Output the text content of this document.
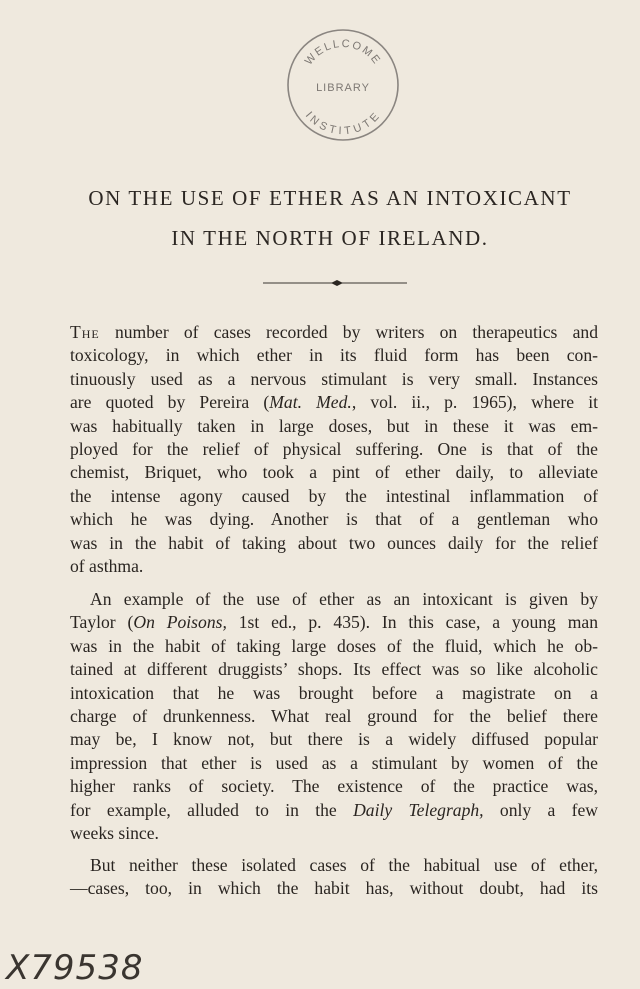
WELLCOME
LIBRARY
INSTITUTE
ON THE USE OF ETHER AS AN INTOXICANT
IN THE NORTH OF IRELAND.
The number of cases recorded by writers on therapeutics and
toxicology, in which ether in its fluid form has been con-
tinuously used as a nervous stimulant is very small. Instances
are quoted by Pereira (Mat. Med., vol. ii., p. 1965), where it
was habitually taken in large doses, but in these it was em-
ployed for the relief of physical suffering. One is that of the
chemist, Briquet, who took a pint of ether daily, to alleviate
the intense agony caused by the intestinal inflammation of
which he was dying. Another is that of a gentleman who
was in the habit of taking about two ounces daily for the relief
of asthma.
An example of the use of ether as an intoxicant is given by
Taylor (On Poisons, 1st ed., p. 435). In this case, a young man
was in the habit of taking large doses of the fluid, which he ob-
tained at different druggists’ shops. Its effect was so like alcoholic
intoxication that he was brought before a magistrate on a
charge of drunkenness. What real ground for the belief there
may be, I know not, but there is a widely diffused popular
impression that ether is used as a stimulant by women of the
higher ranks of society. The existence of the practice was,
for example, alluded to in the Daily Telegraph, only a few
weeks since.
But neither these isolated cases of the habitual use of ether,
—cases, too, in which the habit has, without doubt, had its
X79538
